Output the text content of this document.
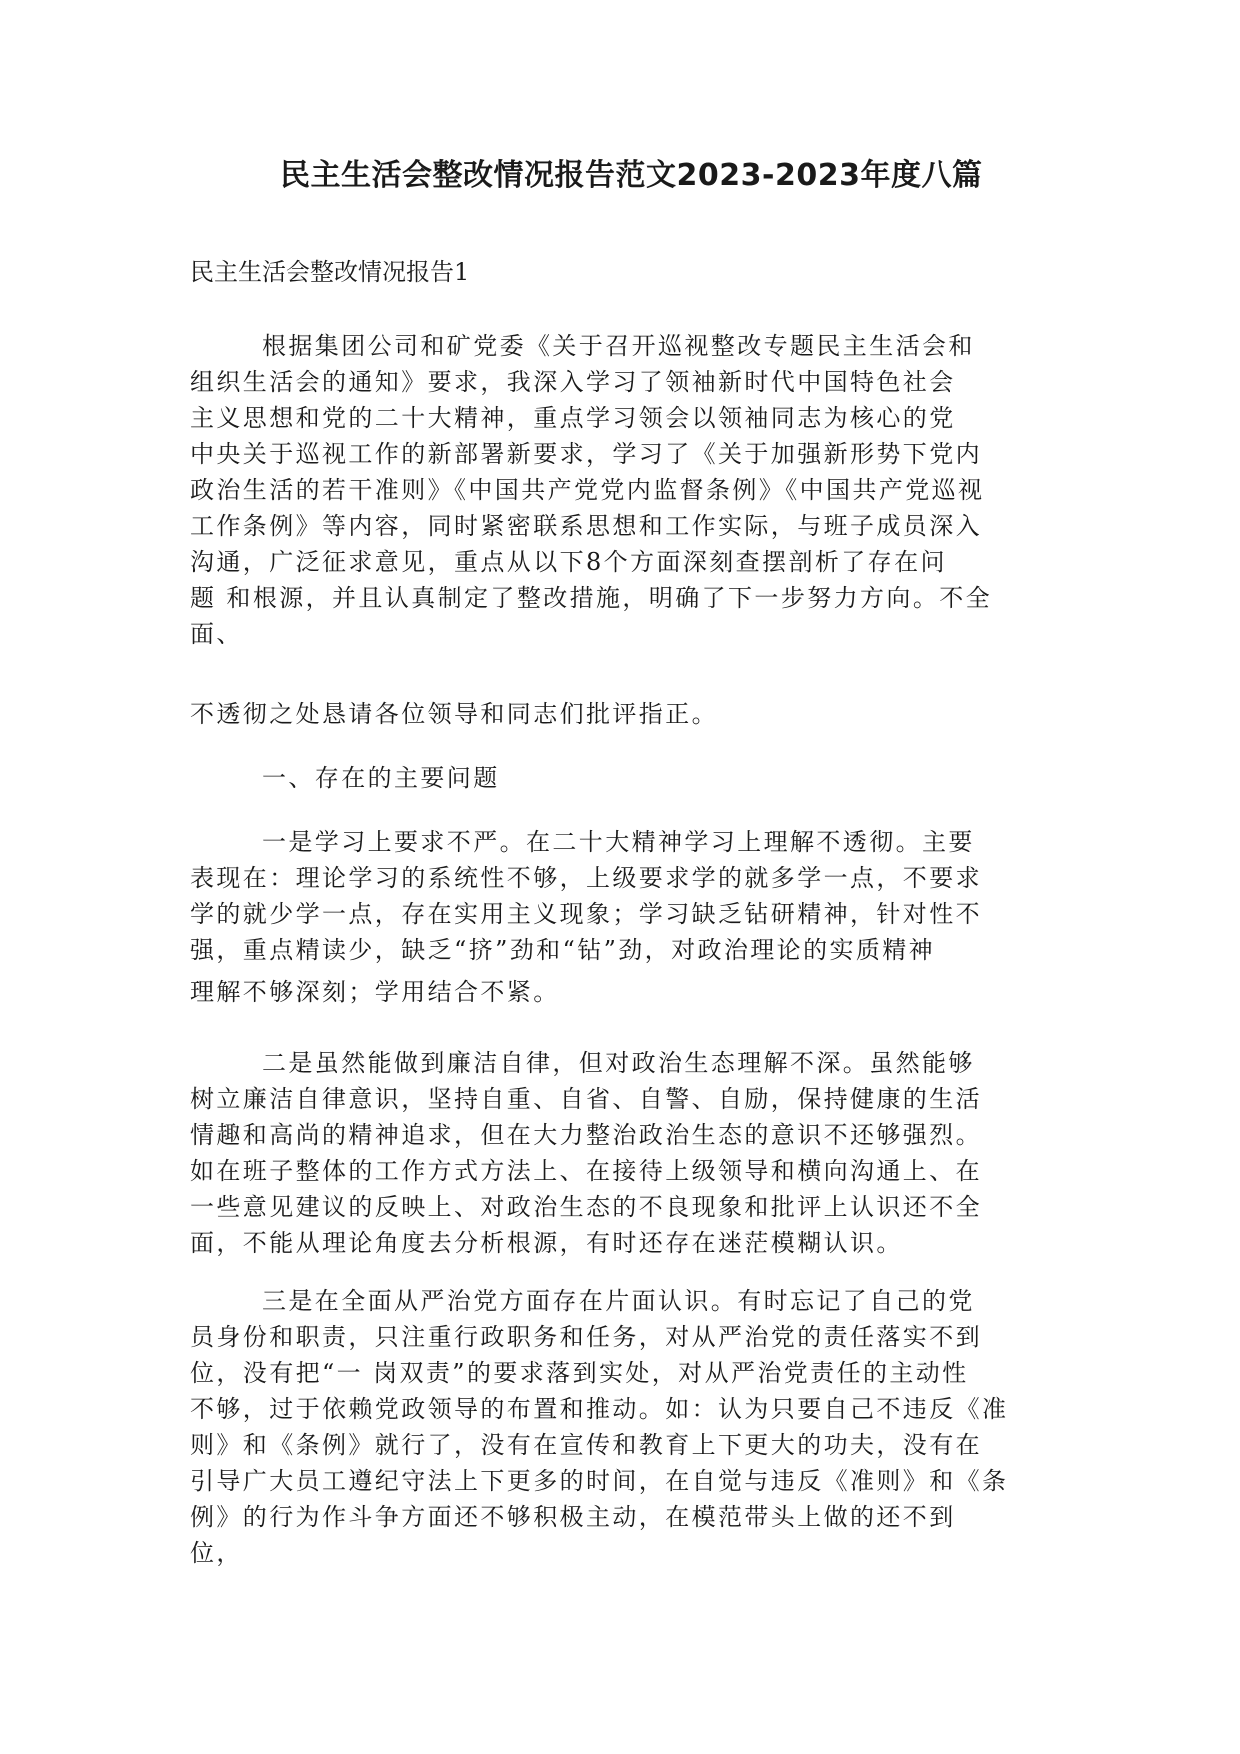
民主生活会整改情况报告范文2023-2023年度八篇
民主生活会整改情况报告1
根据集团公司和矿党委《关于召开巡视整改专题民主生活会和
组织生活会的通知》要求，我深入学习了领袖新时代中国特色社会
主义思想和党的二十大精神，重点学习领会以领袖同志为核心的党
中央关于巡视工作的新部署新要求，学习了《关于加强新形势下党内
政治生活的若干准则》《中国共产党党内监督条例》《中国共产党巡视
工作条例》等内容，同时紧密联系思想和工作实际，与班子成员深入
沟通，广泛征求意见，重点从以下8个方面深刻查摆剖析了存在问
题 和根源，并且认真制定了整改措施，明确了下一步努力方向。不全
面、
不透彻之处恳请各位领导和同志们批评指正。
一、存在的主要问题
一是学习上要求不严。在二十大精神学习上理解不透彻。主要
表现在：理论学习的系统性不够，上级要求学的就多学一点，不要求
学的就少学一点，存在实用主义现象；学习缺乏钻研精神，针对性不
强，重点精读少，缺乏“挤”劲和“钻”劲，对政治理论的实质精神
理解不够深刻；学用结合不紧。
二是虽然能做到廉洁自律，但对政治生态理解不深。虽然能够
树立廉洁自律意识，坚持自重、自省、自警、自励，保持健康的生活
情趣和高尚的精神追求，但在大力整治政治生态的意识不还够强烈。
如在班子整体的工作方式方法上、在接待上级领导和横向沟通上、在
一些意见建议的反映上、对政治生态的不良现象和批评上认识还不全
面，不能从理论角度去分析根源，有时还存在迷茫模糊认识。
三是在全面从严治党方面存在片面认识。有时忘记了自己的党
员身份和职责，只注重行政职务和任务，对从严治党的责任落实不到
位，没有把“一 岗双责”的要求落到实处，对从严治党责任的主动性
不够，过于依赖党政领导的布置和推动。如：认为只要自己不违反《准
则》和《条例》就行了，没有在宣传和教育上下更大的功夫，没有在
引导广大员工遵纪守法上下更多的时间，在自觉与违反《准则》和《条
例》的行为作斗争方面还不够积极主动，在模范带头上做的还不到
位，
